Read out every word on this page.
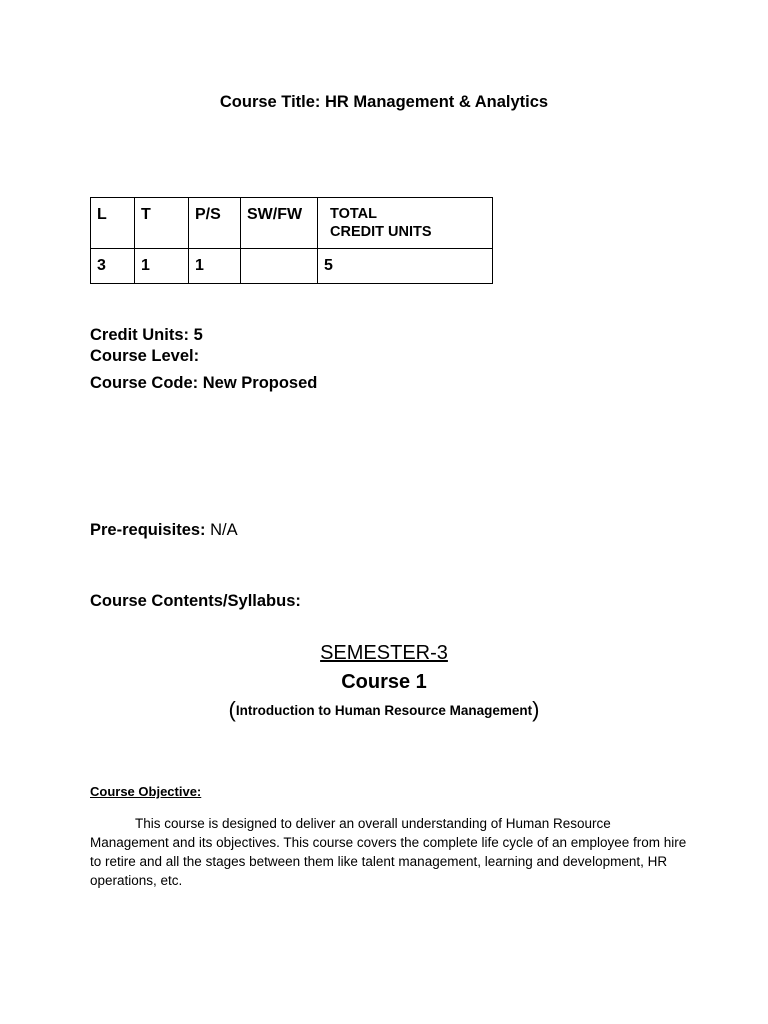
Course Title: HR Management & Analytics
L	T	P/S	SW/FW	TOTAL
CREDIT UNITS

3	1	1		5
Credit Units: 5
Course Level:
Course Code: New Proposed
Pre-requisites: N/A
Course Contents/Syllabus:
SEMESTER-3
Course 1
(Introduction to Human Resource Management)
Course Objective:
This course is designed to deliver an overall understanding of Human Resource Management and its objectives. This course covers the complete life cycle of an employee from hire to retire and all the stages between them like talent management, learning and development, HR operations, etc.
